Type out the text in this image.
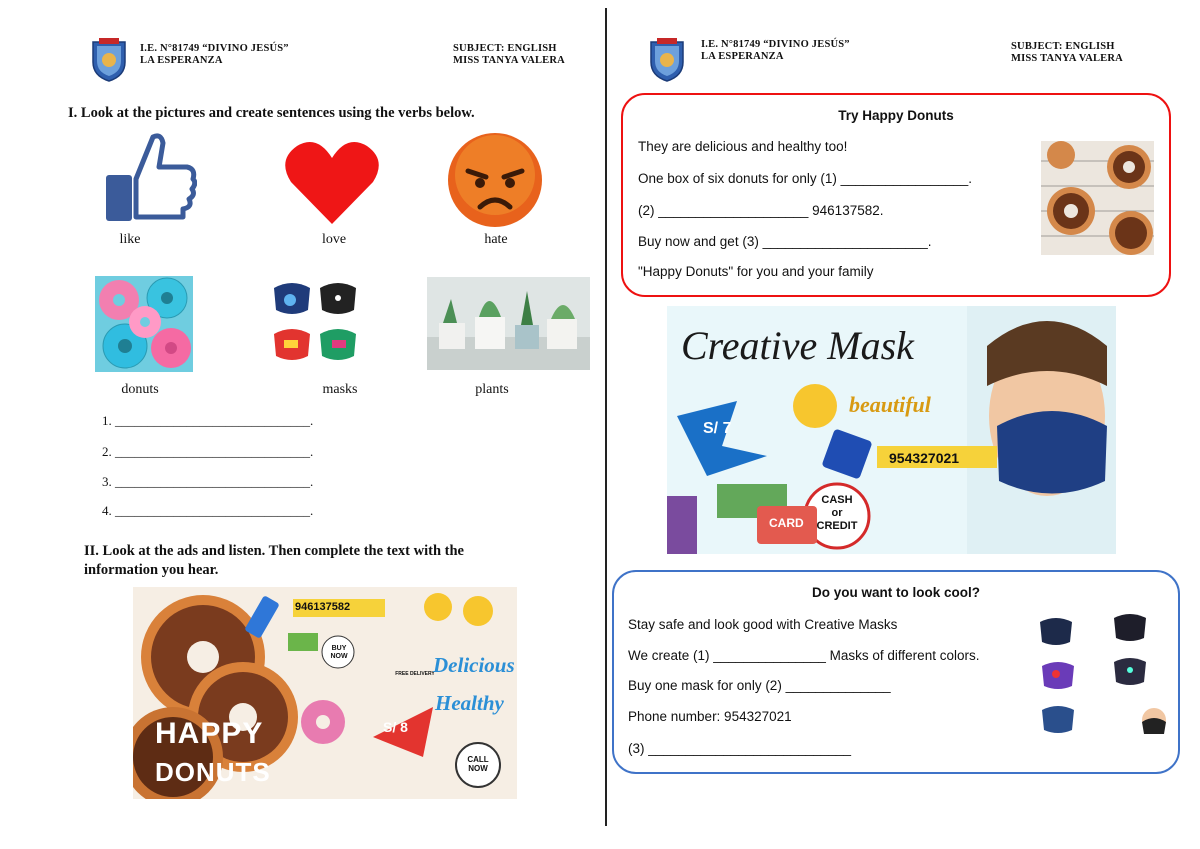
I.E. N°81749 “DIVINO JESÚS”
LA ESPERANZA
SUBJECT: ENGLISH
MISS TANYA VALERA
I. Look at the pictures and create sentences using the verbs below.
like	love	hate
donuts	masks	plants
1. ______________________________.
2. ______________________________.
3. ______________________________.
4. ______________________________.
II. Look at the ads and listen. Then complete the text with the
information you hear.
946137582
BUY NOW
FREE DELIVERY
Delicious
Healthy
HAPPY
DONUTS
S/ 8
CALL NOW
I.E. N°81749 “DIVINO JESÚS”
LA ESPERANZA
SUBJECT: ENGLISH
MISS TANYA VALERA
Try Happy Donuts
They are delicious and healthy too!
One box of six donuts for only (1) _________________.
(2) ____________________ 946137582.
Buy now and get (3) ______________________.
"Happy Donuts" for you and your family
Creative Mask
beautiful
S/ 7
954327021
CARD
CASH
or
CREDIT
Do you want to look cool?
Stay safe and look good with Creative Masks
We create (1) _______________ Masks of different colors.
Buy one mask for only (2) ______________
Phone number: 954327021
(3) ___________________________
